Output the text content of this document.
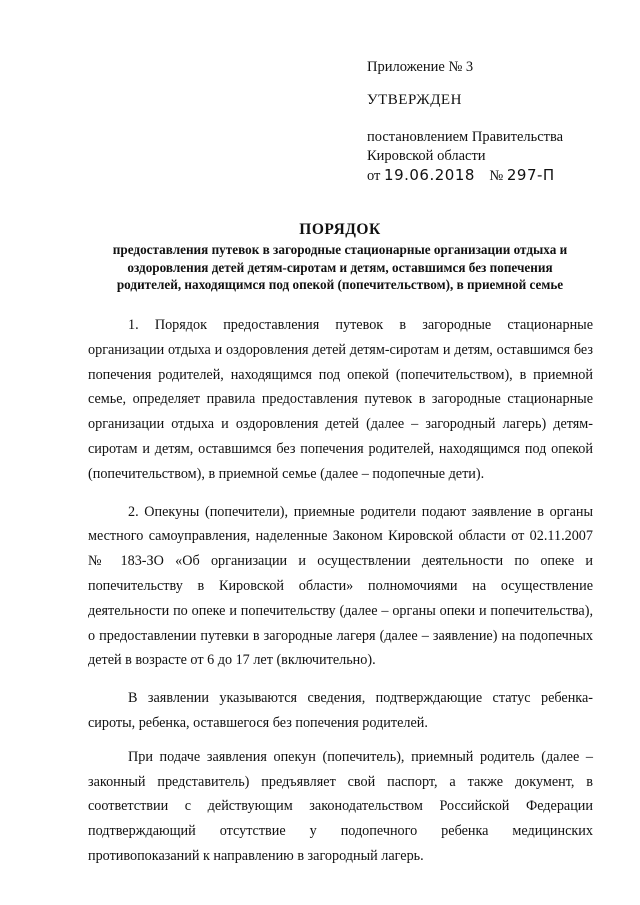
Приложение № 3
УТВЕРЖДЕН
постановлением Правительства
Кировской области
от 19.06.2018 № 297-П
ПОРЯДОК
предоставления путевок в загородные стационарные организации отдыха и оздоровления детей детям-сиротам и детям, оставшимся без попечения родителей, находящимся под опекой (попечительством), в приемной семье

1. Порядок предоставления путевок в загородные стационарные организации отдыха и оздоровления детей детям-сиротам и детям, оставшимся без попечения родителей, находящимся под опекой (попечительством), в приемной семье, определяет правила предоставления путевок в загородные стационарные организации отдыха и оздоровления детей (далее – загородный лагерь) детям-сиротам и детям, оставшимся без попечения родителей, находящимся под опекой (попечительством), в приемной семье (далее – подопечные дети).

2. Опекуны (попечители), приемные родители подают заявление в органы местного самоуправления, наделенные Законом Кировской области от 02.11.2007 № 183-ЗО «Об организации и осуществлении деятельности по опеке и попечительству в Кировской области» полномочиями на осуществление деятельности по опеке и попечительству (далее – органы опеки и попечительства), о предоставлении путевки в загородные лагеря (далее – заявление) на подопечных детей в возрасте от 6 до 17 лет (включительно).

В заявлении указываются сведения, подтверждающие статус ребенка-сироты, ребенка, оставшегося без попечения родителей.

При подаче заявления опекун (попечитель), приемный родитель (далее – законный представитель) предъявляет свой паспорт, а также документ, в соответствии с действующим законодательством Российской Федерации подтверждающий отсутствие у подопечного ребенка медицинских противопоказаний к направлению в загородный лагерь.
